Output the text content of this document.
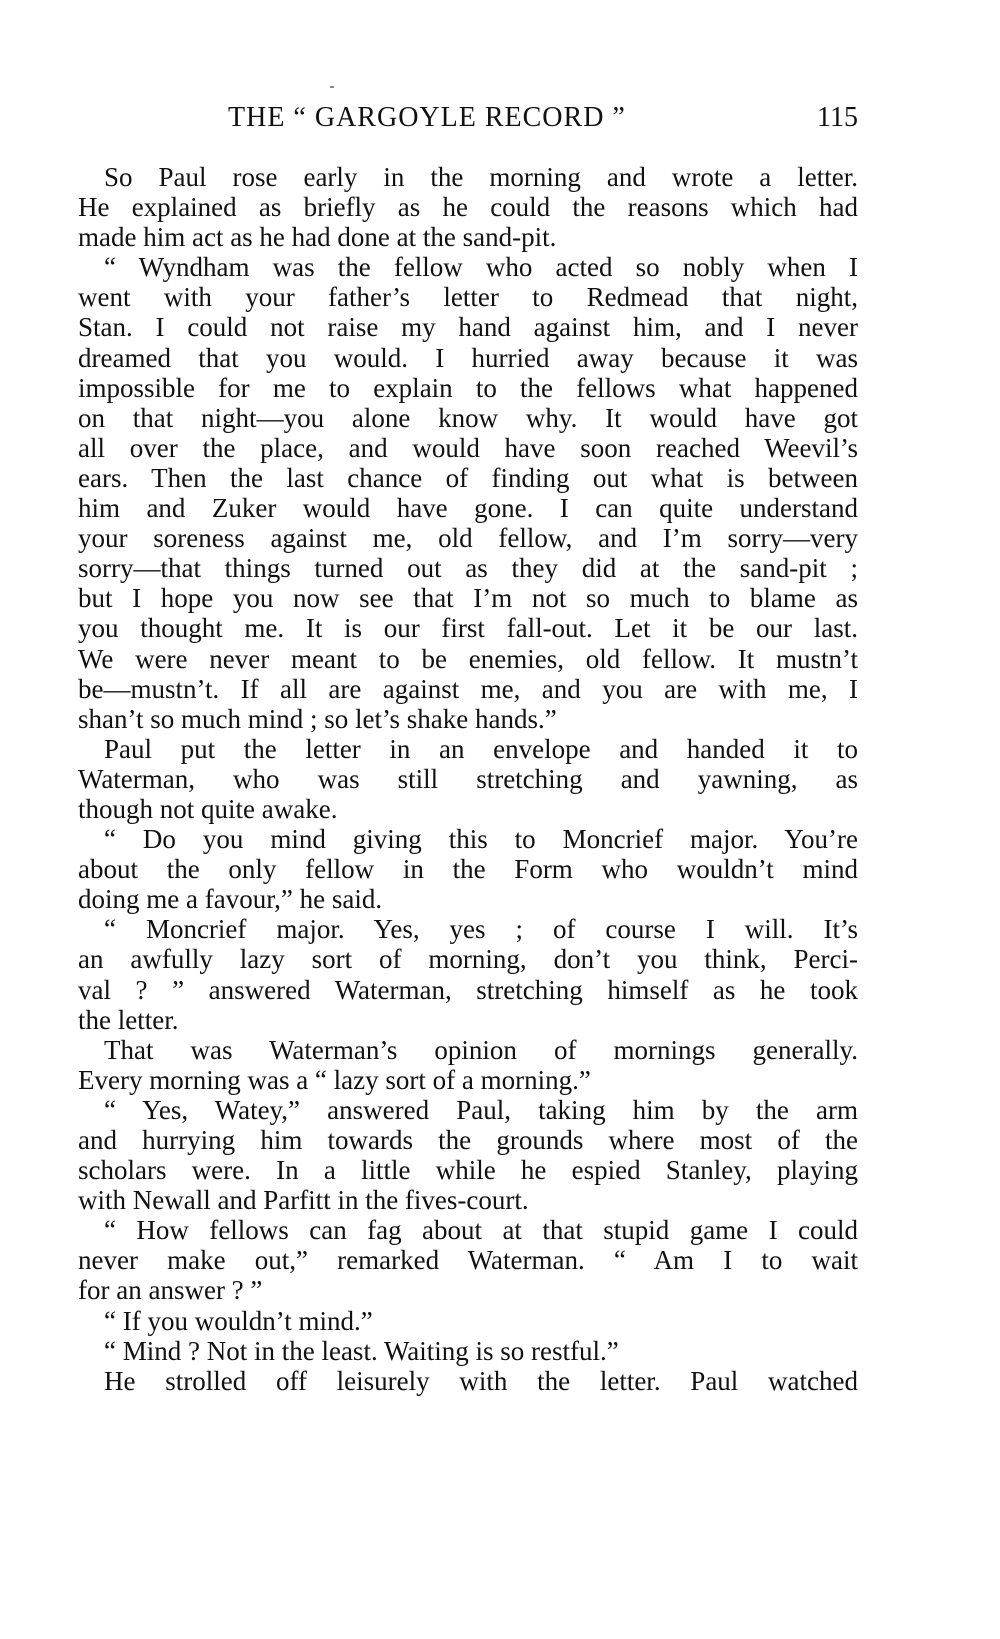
THE “ GARGOYLE RECORD ”	115
So Paul rose early in the morning and wrote a letter.
He explained as briefly as he could the reasons which had
made him act as he had done at the sand-pit.
“ Wyndham was the fellow who acted so nobly when I
went with your father’s letter to Redmead that night,
Stan. I could not raise my hand against him, and I never
dreamed that you would. I hurried away because it was
impossible for me to explain to the fellows what happened
on that night—you alone know why. It would have got
all over the place, and would have soon reached Weevil’s
ears. Then the last chance of finding out what is between
him and Zuker would have gone. I can quite understand
your soreness against me, old fellow, and I’m sorry—very
sorry—that things turned out as they did at the sand-pit ;
but I hope you now see that I’m not so much to blame as
you thought me. It is our first fall-out. Let it be our last.
We were never meant to be enemies, old fellow. It mustn’t
be—mustn’t. If all are against me, and you are with me, I
shan’t so much mind ; so let’s shake hands.”
Paul put the letter in an envelope and handed it to
Waterman, who was still stretching and yawning, as
though not quite awake.
“ Do you mind giving this to Moncrief major. You’re
about the only fellow in the Form who wouldn’t mind
doing me a favour,” he said.
“ Moncrief major. Yes, yes ; of course I will. It’s
an awfully lazy sort of morning, don’t you think, Perci-
val ? ” answered Waterman, stretching himself as he took
the letter.
That was Waterman’s opinion of mornings generally.
Every morning was a “ lazy sort of a morning.”
“ Yes, Watey,” answered Paul, taking him by the arm
and hurrying him towards the grounds where most of the
scholars were. In a little while he espied Stanley, playing
with Newall and Parfitt in the fives-court.
“ How fellows can fag about at that stupid game I could
never make out,” remarked Waterman. “ Am I to wait
for an answer ? ”
“ If you wouldn’t mind.”
“ Mind ? Not in the least. Waiting is so restful.”
He strolled off leisurely with the letter. Paul watched
